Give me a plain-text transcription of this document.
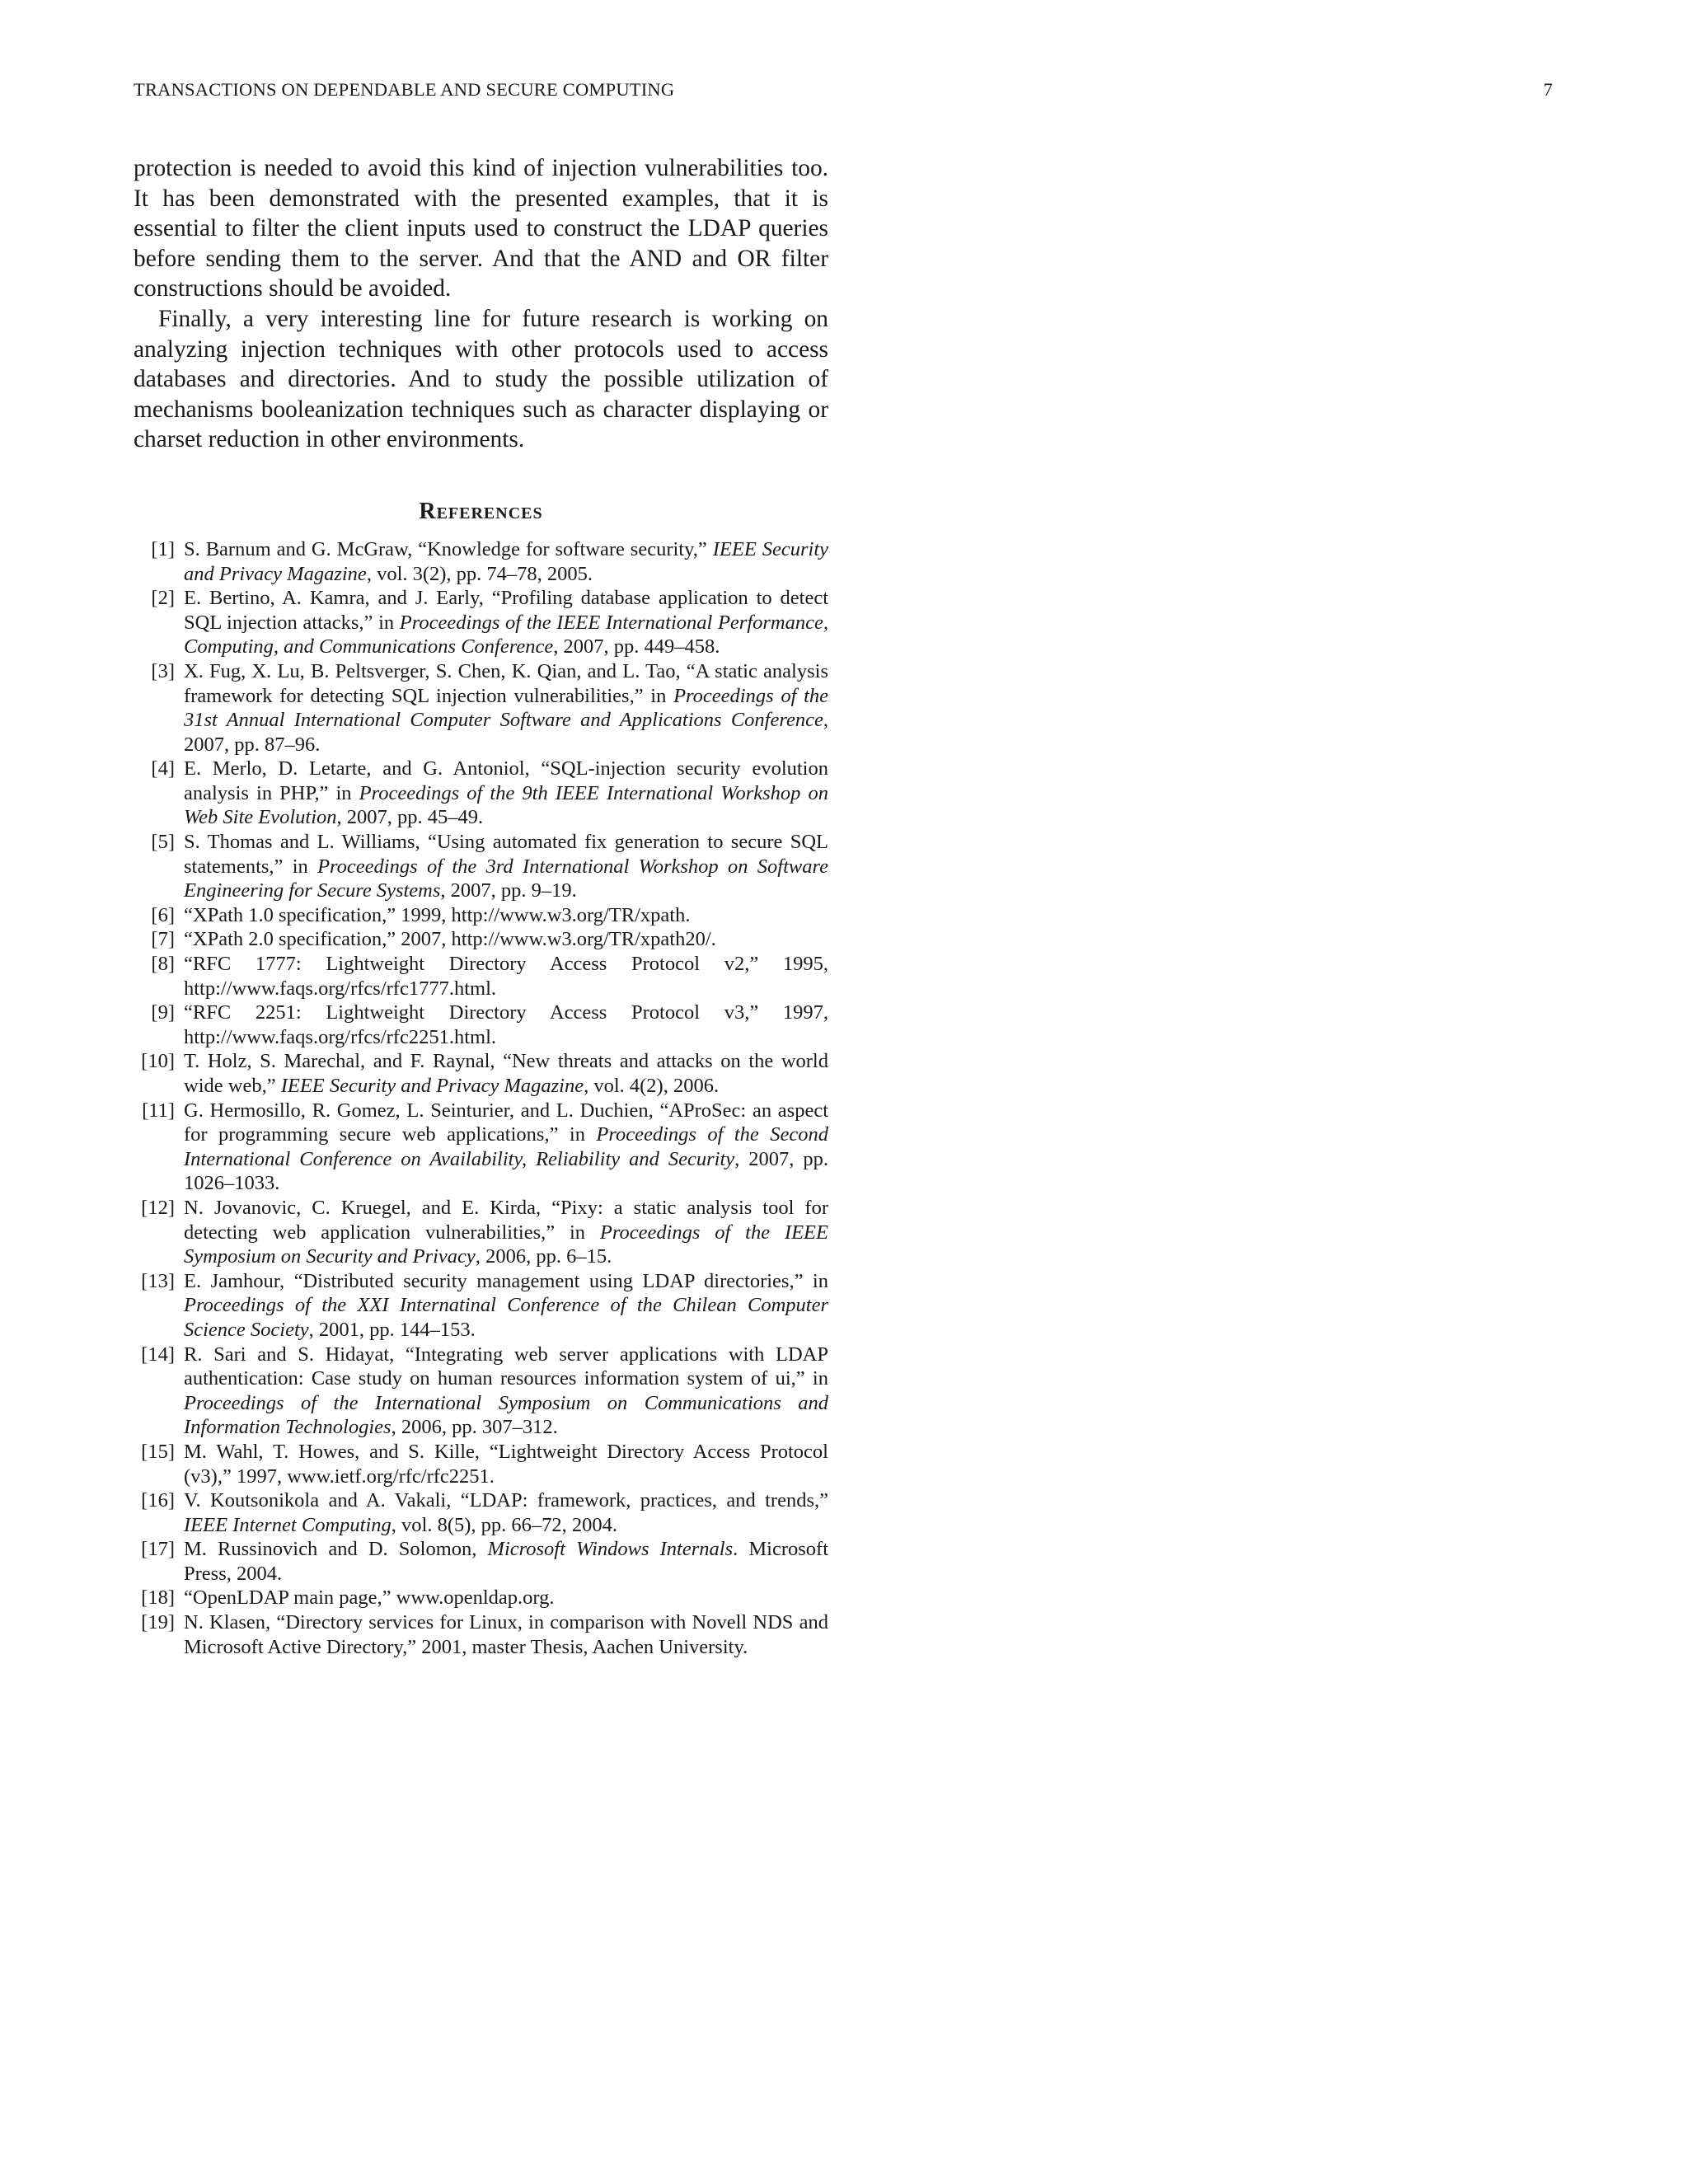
TRANSACTIONS ON DEPENDABLE AND SECURE COMPUTING	7

protection is needed to avoid this kind of injection vulnerabilities too. It has been demonstrated with the presented examples, that it is essential to filter the client inputs used to construct the LDAP queries before sending them to the server. And that the AND and OR filter constructions should be avoided.

Finally, a very interesting line for future research is working on analyzing injection techniques with other protocols used to access databases and directories. And to study the possible utilization of mechanisms booleanization techniques such as character displaying or charset reduction in other environments.

References
[1] S. Barnum and G. McGraw, “Knowledge for software security,” IEEE Security and Privacy Magazine, vol. 3(2), pp. 74–78, 2005.
[2] E. Bertino, A. Kamra, and J. Early, “Profiling database application to detect SQL injection attacks,” in Proceedings of the IEEE International Performance, Computing, and Communications Conference, 2007, pp. 449–458.
[3] X. Fug, X. Lu, B. Peltsverger, S. Chen, K. Qian, and L. Tao, “A static analysis framework for detecting SQL injection vulnerabilities,” in Proceedings of the 31st Annual International Computer Software and Applications Conference, 2007, pp. 87–96.
[4] E. Merlo, D. Letarte, and G. Antoniol, “SQL-injection security evolution analysis in PHP,” in Proceedings of the 9th IEEE International Workshop on Web Site Evolution, 2007, pp. 45–49.
[5] S. Thomas and L. Williams, “Using automated fix generation to secure SQL statements,” in Proceedings of the 3rd International Workshop on Software Engineering for Secure Systems, 2007, pp. 9–19.
[6] “XPath 1.0 specification,” 1999, http://www.w3.org/TR/xpath.
[7] “XPath 2.0 specification,” 2007, http://www.w3.org/TR/xpath20/.
[8] “RFC 1777: Lightweight Directory Access Protocol v2,” 1995, http://www.faqs.org/rfcs/rfc1777.html.
[9] “RFC 2251: Lightweight Directory Access Protocol v3,” 1997, http://www.faqs.org/rfcs/rfc2251.html.
[10] T. Holz, S. Marechal, and F. Raynal, “New threats and attacks on the world wide web,” IEEE Security and Privacy Magazine, vol. 4(2), 2006.
[11] G. Hermosillo, R. Gomez, L. Seinturier, and L. Duchien, “AProSec: an aspect for programming secure web applications,” in Proceedings of the Second International Conference on Availability, Reliability and Security, 2007, pp. 1026–1033.
[12] N. Jovanovic, C. Kruegel, and E. Kirda, “Pixy: a static analysis tool for detecting web application vulnerabilities,” in Proceedings of the IEEE Symposium on Security and Privacy, 2006, pp. 6–15.
[13] E. Jamhour, “Distributed security management using LDAP directories,” in Proceedings of the XXI Internatinal Conference of the Chilean Computer Science Society, 2001, pp. 144–153.
[14] R. Sari and S. Hidayat, “Integrating web server applications with LDAP authentication: Case study on human resources information system of ui,” in Proceedings of the International Symposium on Communications and Information Technologies, 2006, pp. 307–312.
[15] M. Wahl, T. Howes, and S. Kille, “Lightweight Directory Access Protocol (v3),” 1997, www.ietf.org/rfc/rfc2251.
[16] V. Koutsonikola and A. Vakali, “LDAP: framework, practices, and trends,” IEEE Internet Computing, vol. 8(5), pp. 66–72, 2004.
[17] M. Russinovich and D. Solomon, Microsoft Windows Internals. Microsoft Press, 2004.
[18] “OpenLDAP main page,” www.openldap.org.
[19] N. Klasen, “Directory services for Linux, in comparison with Novell NDS and Microsoft Active Directory,” 2001, master Thesis, Aachen University.
